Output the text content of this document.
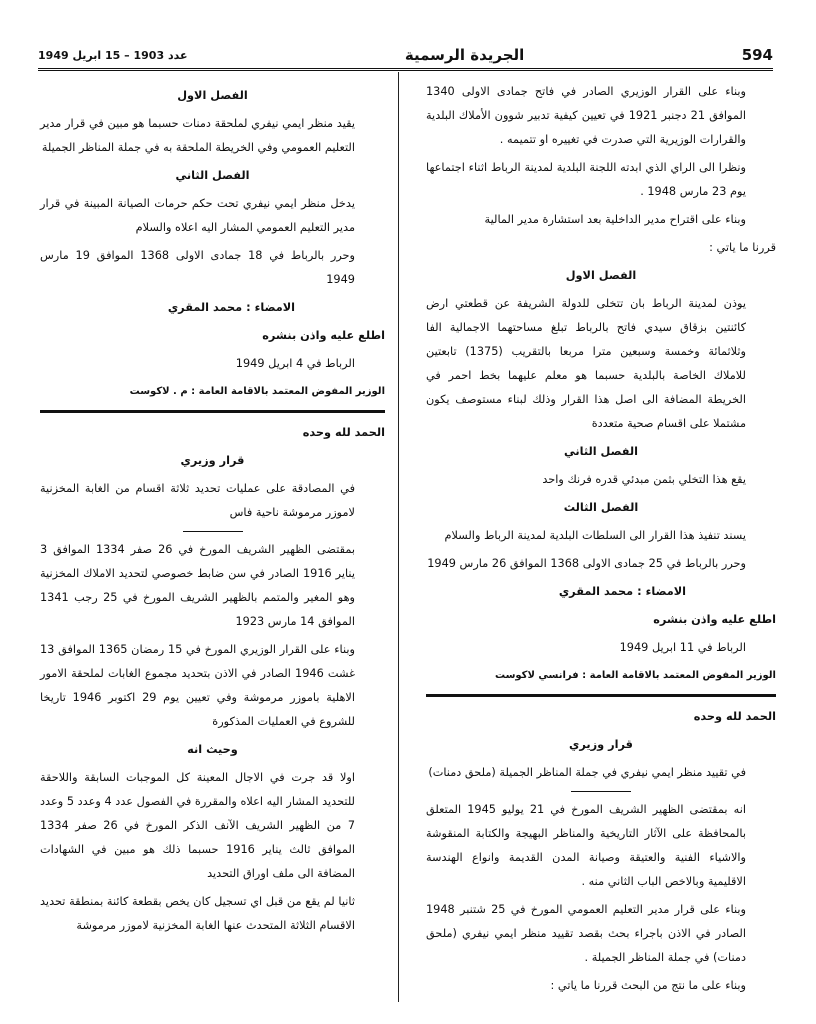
594
الجريدة الرسمية
عدد 1903 – 15 ابريل 1949

وبناء على القرار الوزيري الصادر في فاتح جمادى الاولى 1340 الموافق 21 دجنبر 1921 في تعيين كيفية تدبير شوون الأملاك البلدية والقرارات الوزيرية التي صدرت في تغييره او تتميمه .

ونظرا الى الراي الذي ابدته اللجنة البلدية لمدينة الرباط اثناء اجتماعها يوم 23 مارس 1948 .

وبناء على اقتراح مدير الداخلية بعد استشارة مدير المالية

قررنا ما ياتي :

الفصل الاول

يوذن لمدينة الرباط بان تتخلى للدولة الشريفة عن قطعتي ارض كائنتين بزقاق سيدي فاتح بالرباط تبلغ مساحتهما الاجمالية الفا وثلاثمائة وخمسة وسبعين مترا مربعا بالتقريب (1375) تابعتين للاملاك الخاصة بالبلدية حسبما هو معلم عليهما بخط احمر في الخريطة المضافة الى اصل هذا القرار وذلك لبناء مستوصف يكون مشتملا على اقسام صحية متعددة

الفصل الثاني

يقع هذا التخلي بثمن مبدئي قدره فرنك واحد

الفصل الثالث

يسند تنفيذ هذا القرار الى السلطات البلدية لمدينة الرباط والسلام

وحرر بالرباط في 25 جمادى الاولى 1368 الموافق 26 مارس 1949

الامضاء : محمد المقري

اطلع عليه واذن بنشره

الرباط في 11 ابريل 1949

الوزير المفوض المعتمد بالاقامة العامة : فرانسي لاكوست

الحمد لله وحده
قرار وزيري

في تقييد منظر ايمي نيفري في جملة المناظر الجميلة (ملحق دمنات)

انه بمقتضى الظهير الشريف المورخ في 21 يوليو 1945 المتعلق بالمحافظة على الآثار التاريخية والمناظر البهيجة والكتابة المنقوشة والاشياء الفنية والعتيقة وصيانة المدن القديمة وانواع الهندسة الاقليمية وبالاخص الباب الثاني منه .

وبناء على قرار مدير التعليم العمومي المورخ في 25 شتنبر 1948 الصادر في الاذن باجراء بحث بقصد تقييد منظر ايمي نيفري (ملحق دمنات) في جملة المناظر الجميلة .

وبناء على ما نتج من البحث قررنا ما ياتي :

الفصل الاول

يقيد منظر ايمي نيفري لملحقة دمنات حسبما هو مبين في قرار مدير التعليم العمومي وفي الخريطة الملحقة به في جملة المناظر الجميلة

الفصل الثاني

يدخل منظر ايمي نيفري تحت حكم حرمات الصيانة المبينة في قرار مدير التعليم العمومي المشار اليه اعلاه والسلام

وحرر بالرباط في 18 جمادى الاولى 1368 الموافق 19 مارس 1949

الامضاء : محمد المقري

اطلع عليه واذن بنشره

الرباط في 4 ابريل 1949

الوزير المفوض المعتمد بالاقامة العامة : م . لاكوست

الحمد لله وحده
قرار وزيري

في المصادقة على عمليات تحديد ثلاثة اقسام من الغابة المخزنية لاموزر مرموشة ناحية فاس

بمقتضى الظهير الشريف المورخ في 26 صفر 1334 الموافق 3 يناير 1916 الصادر في سن ضابط خصوصي لتحديد الاملاك المخزنية وهو المغير والمتمم بالظهير الشريف المورخ في 25 رجب 1341 الموافق 14 مارس 1923

وبناء على القرار الوزيري المورخ في 15 رمضان 1365 الموافق 13 غشت 1946 الصادر في الاذن بتحديد مجموع الغابات لملحقة الامور الاهلية باموزر مرموشة وفي تعيين يوم 29 اكتوبر 1946 تاريخا للشروع في العمليات المذكورة

وحيث انه

اولا قد جرت في الاجال المعينة كل الموجبات السابقة واللاحقة للتحديد المشار اليه اعلاه والمقررة في الفصول عدد 4 وعدد 5 وعدد 7 من الظهير الشريف الآنف الذكر المورخ في 26 صفر 1334 الموافق ثالث يناير 1916 حسبما ذلك هو مبين في الشهادات المضافة الى ملف اوراق التحديد

ثانيا لم يقع من قبل اي تسجيل كان يخص بقطعة كائنة بمنطقة تحديد الاقسام الثلاثة المتحدث عنها الغابة المخزنية لاموزر مرموشة
